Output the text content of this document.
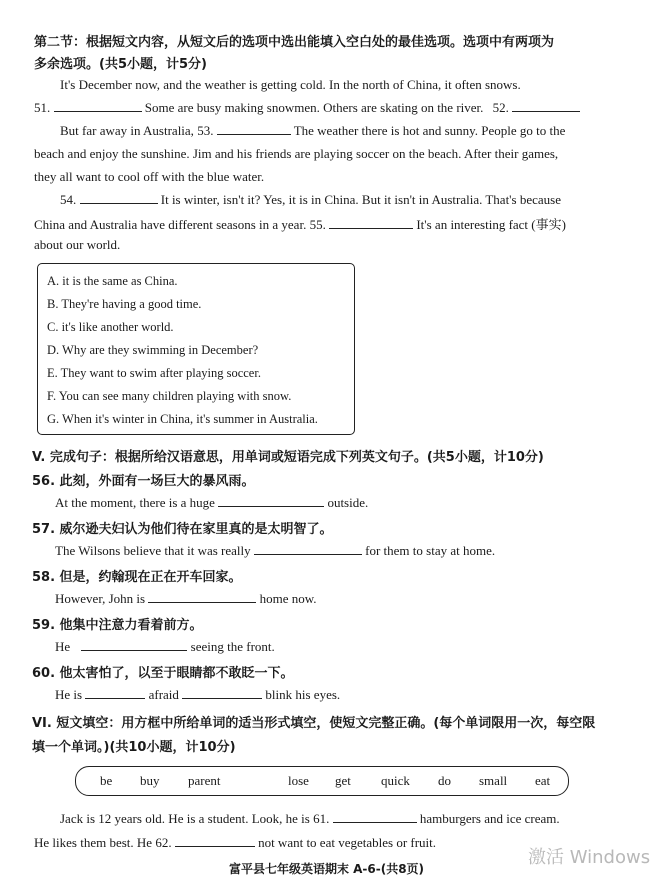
第二节：根据短文内容，从短文后的选项中选出能填入空白处的最佳选项。选项中有两项为
多余选项。(共5小题，计5分)
It's December now, and the weather is getting cold. In the north of China, it often snows.
51.	Some are busy making snowmen. Others are skating on the river. 52.
But far away in Australia, 53.	The weather there is hot and sunny. People go to the
beach and enjoy the sunshine. Jim and his friends are playing soccer on the beach. After their games,
they all want to cool off with the blue water.
54.	It is winter, isn't it? Yes, it is in China. But it isn't in Australia. That's because
China and Australia have different seasons in a year. 55.	It's an interesting fact (事实)
about our world.
A. it is the same as China.
B. They're having a good time.
C. it's like another world.
D. Why are they swimming in December?
E. They want to swim after playing soccer.
F. You can see many children playing with snow.
G. When it's winter in China, it's summer in Australia.
V. 完成句子：根据所给汉语意思，用单词或短语完成下列英文句子。(共5小题，计10分)
56. 此刻，外面有一场巨大的暴风雨。
At the moment, there is a huge	outside.
57. 威尔逊夫妇认为他们待在家里真的是太明智了。
The Wilsons believe that it was really	for them to stay at home.
58. 但是，约翰现在正在开车回家。
However, John is	home now.
59. 他集中注意力看着前方。
He	seeing the front.
60. 他太害怕了，以至于眼睛都不敢眨一下。
He is	afraid	blink his eyes.
VI. 短文填空：用方框中所给单词的适当形式填空，使短文完整正确。(每个单词限用一次，每空限
填一个单词。)(共10小题，计10分)
be buy parent	lose get quick do small eat
Jack is 12 years old. He is a student. Look, he is 61.	hamburgers and ice cream.
He likes them best. He 62.	not want to eat vegetables or fruit.
富平县七年级英语期末 A-6-(共8页)
激活 Windows
